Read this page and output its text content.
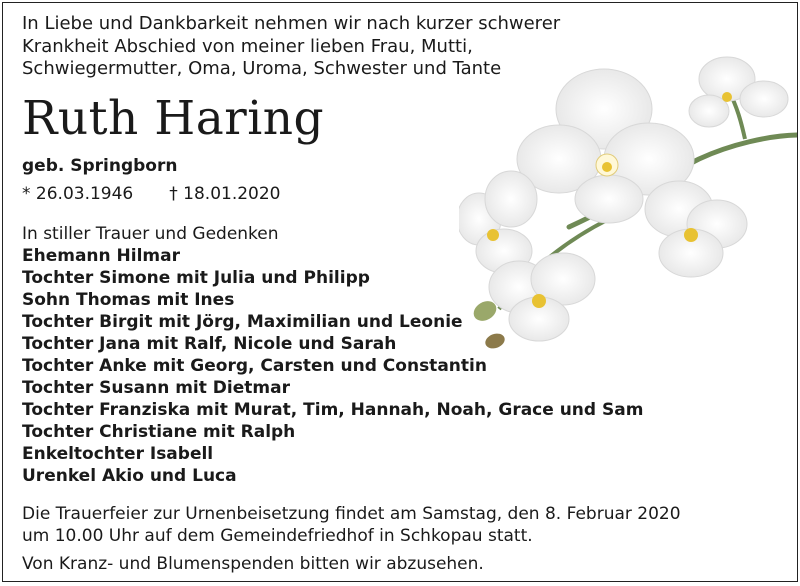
In Liebe und Dankbarkeit nehmen wir nach kurzer schwerer
Krankheit Abschied von meiner lieben Frau, Mutti,
Schwiegermutter, Oma, Uroma, Schwester und Tante
Ruth Haring
geb. Springborn
* 26.03.1946 † 18.01.2020
In stiller Trauer und Gedenken
Ehemann Hilmar
Tochter Simone mit Julia und Philipp
Sohn Thomas mit Ines
Tochter Birgit mit Jörg, Maximilian und Leonie
Tochter Jana mit Ralf, Nicole und Sarah
Tochter Anke mit Georg, Carsten und Constantin
Tochter Susann mit Dietmar
Tochter Franziska mit Murat, Tim, Hannah, Noah, Grace und Sam
Tochter Christiane mit Ralph
Enkeltochter Isabell
Urenkel Akio und Luca
Die Trauerfeier zur Urnenbeisetzung findet am Samstag, den 8. Februar 2020
um 10.00 Uhr auf dem Gemeindefriedhof in Schkopau statt.
Von Kranz- und Blumenspenden bitten wir abzusehen.
